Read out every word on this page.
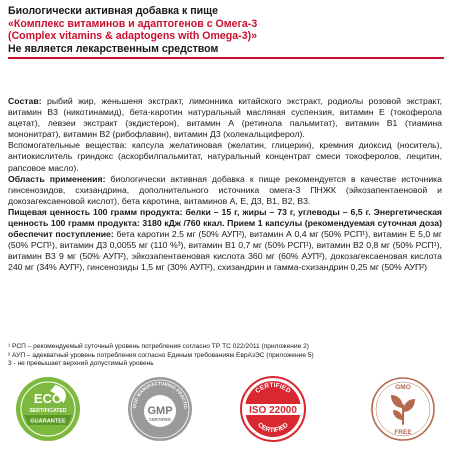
Биологически активная добавка к пище
«Комплекс витаминов и адаптогенов с Омега-3
(Complex vitamins & adaptogens with Omega-3)»
Не является лекарственным средством

Состав: рыбий жир, женьшеня экстракт, лимонника китайского экстракт, родиолы розовой экстракт, витамин В3 (никотинамид), бета-каротин натуральный масляная суспензия, витамин Е (токоферола ацетат), левзеи экстракт (экдистерон), витамин А (ретинола пальмитат), витамин В1 (тиамина мононитрат), витамин В2 (рибофлавин), витамин Д3 (холекальциферол).

Вспомогательные вещества: капсула желатиновая (желатин, глицерин), кремния диоксид (носитель), антиокислитель гриндокс (аскорбилпальмитат, натуральный концентрат смеси токоферолов, лецитин, рапсовое масло).

Область применения: биологически активная добавка к пище рекомендуется в качестве источника гинсенозидов, схизандрина, дополнительного источника омега-3 ПНЖК (эйкозапентаеновой и докозагексаеновой кислот), бета каротина, витаминов А, Е, Д3, В1, В2, В3.

Пищевая ценность 100 грамм продукта: белки – 15 г, жиры – 73 г, углеводы – 6,5 г. Энергетическая ценность 100 грамм продукта: 3180 кДж /760 ккал. Прием 1 капсулы (рекомендуемая суточная доза) обеспечит поступление: бета каротин 2,5 мг (50% АУП²), витамин А 0,4 мг (50% РСП¹), витамин Е 5,0 мг (50% РСП¹), витамин Д3 0,0055 мг (110 %³), витамин В1 0,7 мг (50% РСП¹), витамин В2 0,8 мг (50% РСП¹), витамин В3 9 мг (50% АУП²), эйкозапентаеновая кислота 360 мг (60% АУП²), докозагексаеновая кислота 240 мг (34% АУП²), гинсенозиды 1,5 мг (30% АУП²), схизандрин и гамма-схизандрин 0,25 мг (50% АУП²)

¹ РСП – рекомендуемый суточный уровень потребления согласно ТР ТС 022/2011 (приложение 2)
² АУП – адекватный уровень потребления согласно Единым требованиям ЕврАзЭС (приложение 5)
3 - не превышает верхний допустимый уровень
ECO
SERTIFICATED
GUARANTEE
OOD MANUFACTURING PRACTIC
GMP
CERTIFIED
CERTIFIED
CERTIFIED
ISO 22000
GMO
FREE
